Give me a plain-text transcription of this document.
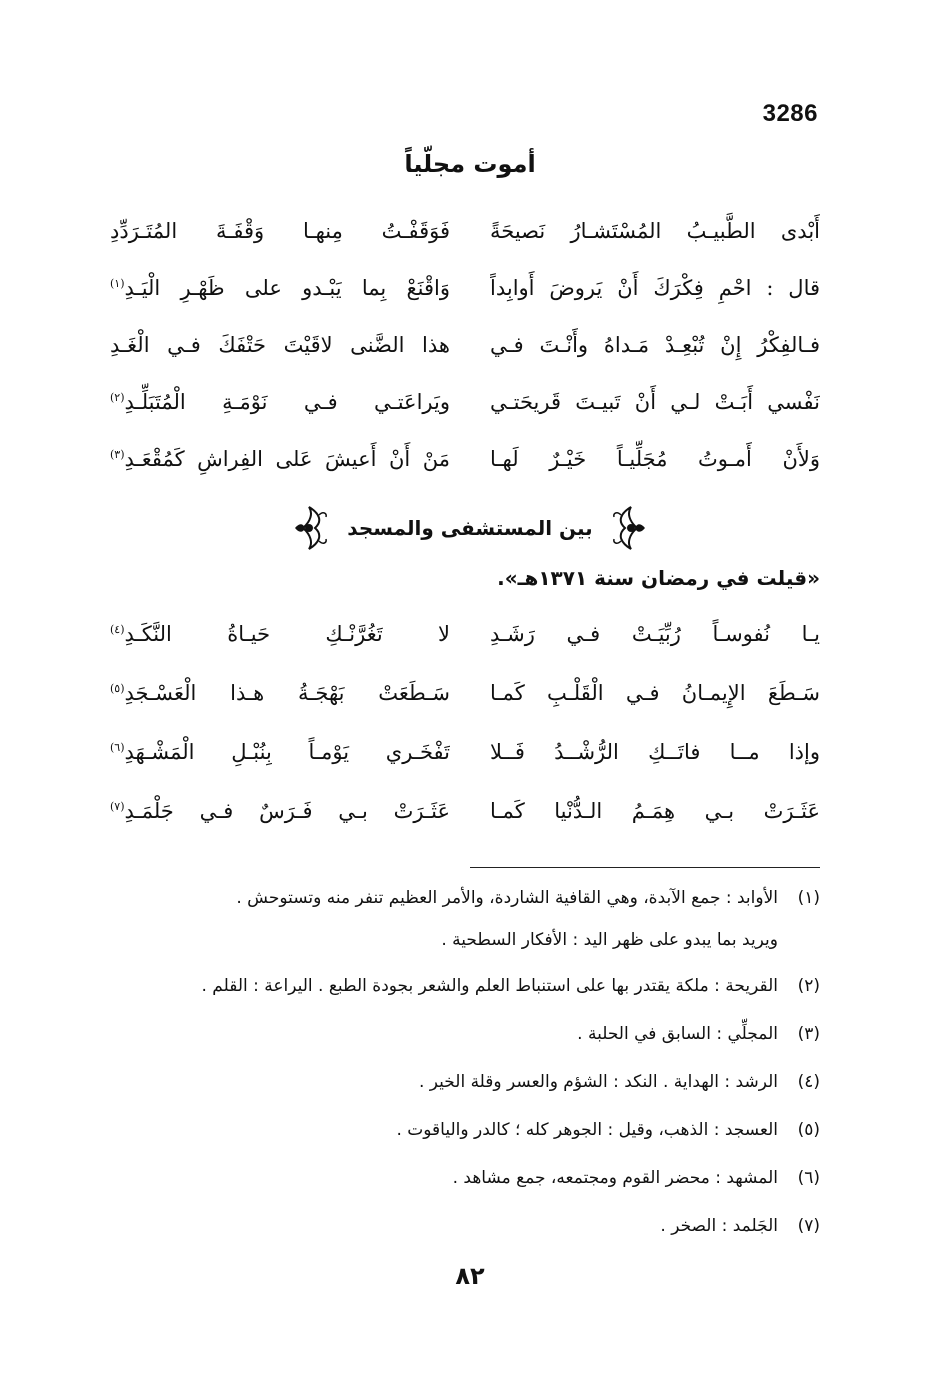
3286
أموت مجلّياً
أَبْدى الطَّبيـبُ المُسْتَشـارُ نَصيحَةً
فَوَقَفْـتُ مِنهـا وَقْفَـةَ المُتَـرَدِّدِ
قال : احْمِ فِكْرَكَ أَنْ يَروضَ أَوابِداً
وَاقْنَعْ بِما يَبْـدو على ظَهْـرِ الْيَـدِ$^{(١)}$
فـالفِكْرُ إِنْ تُبْعِـدْ مَـداهُ وأَنْـتَ فـي
هذا الضَّنى لاقَيْتَ حَتْفَكَ فـي الْغَـدِ
نَفْسي أَبَـتْ لـي أَنْ تَبيـتَ قَريحَتـي
ويَراعَتـي فـي نَوْمَـةِ الْمُتَبَلِّـدِ$^{(٢)}$
وَلأَنْ أَمـوتُ مُجَلِّيـاً خَيْـرٌ لَهـا
مَنْ أَنْ أَعيشَ عَلى الفِراشِ كَمُقْعَـدِ$^{(٣)}$
بين المستشفى والمسجد
«قيلت في رمضان سنة ١٣٧١هـ».
يـا نُفوسـاً رُبِّيَـتْ فـي رَشَـدِ
لا تَغُرَّنْـكِ حَيـاةُ النَّكَـدِ$^{(٤)}$
سَـطَعَ الإِيمـانُ فـي الْقَلْـبِ كَمـا
سَـطَعَتْ بَهْجَـةُ هـذا الْعَسْـجَدِ$^{(٥)}$
وإذا مــا فاتَــكِ الرُّشْــدُ فَــلا
تَفْخَـري يَوْمـاً بِنُبْـلِ الْمَشْـهَدِ$^{(٦)}$
عَثَـرَتْ بـي هِمَـمُ الـدُّنْيا كَمـا
عَثَـرَتْ بـي فَـرَسٌ فـي جَلْمَـدِ$^{(٧)}$
(١)الأوابد : جمع الآبدة، وهي القافية الشاردة، والأمر العظيم تنفر منه وتستوحش .
ويريد بما يبدو على ظهر اليد : الأفكار السطحية .
(٢)القريحة : ملكة يقتدر بها على استنباط العلم والشعر بجودة الطبع . اليراعة : القلم .
(٣)المجلِّي : السابق في الحلبة .
(٤)الرشد : الهداية . النكد : الشؤم والعسر وقلة الخير .
(٥)العسجد : الذهب، وقيل : الجوهر كله ؛ كالدر والياقوت .
(٦)المشهد : محضر القوم ومجتمعه، جمع مشاهد .
(٧)الجَلمد : الصخر .
٨٢
